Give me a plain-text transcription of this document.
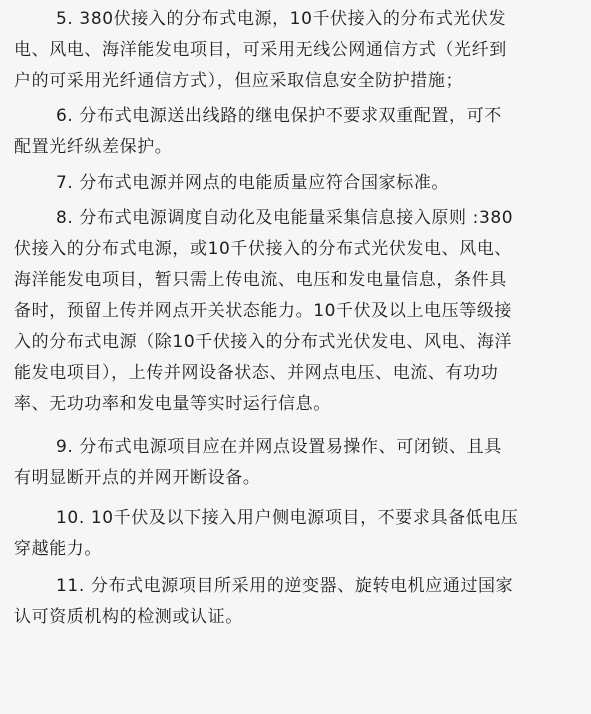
5. 380伏接入的分布式电源，10千伏接入的分布式光伏发
电、风电、海洋能发电项目，可采用无线公网通信方式（光纤到
户的可采用光纤通信方式），但应采取信息安全防护措施；
6. 分布式电源送出线路的继电保护不要求双重配置，可不
配置光纤纵差保护。
7. 分布式电源并网点的电能质量应符合国家标准。
8. 分布式电源调度自动化及电能量采集信息接入原则 :380
伏接入的分布式电源，或10千伏接入的分布式光伏发电、风电、
海洋能发电项目，暂只需上传电流、电压和发电量信息，条件具
备时，预留上传并网点开关状态能力。10千伏及以上电压等级接
入的分布式电源（除10千伏接入的分布式光伏发电、风电、海洋
能发电项目），上传并网设备状态、并网点电压、电流、有功功
率、无功功率和发电量等实时运行信息。
9. 分布式电源项目应在并网点设置易操作、可闭锁、且具
有明显断开点的并网开断设备。
10. 10千伏及以下接入用户侧电源项目，不要求具备低电压
穿越能力。
11. 分布式电源项目所采用的逆变器、旋转电机应通过国家
认可资质机构的检测或认证。
